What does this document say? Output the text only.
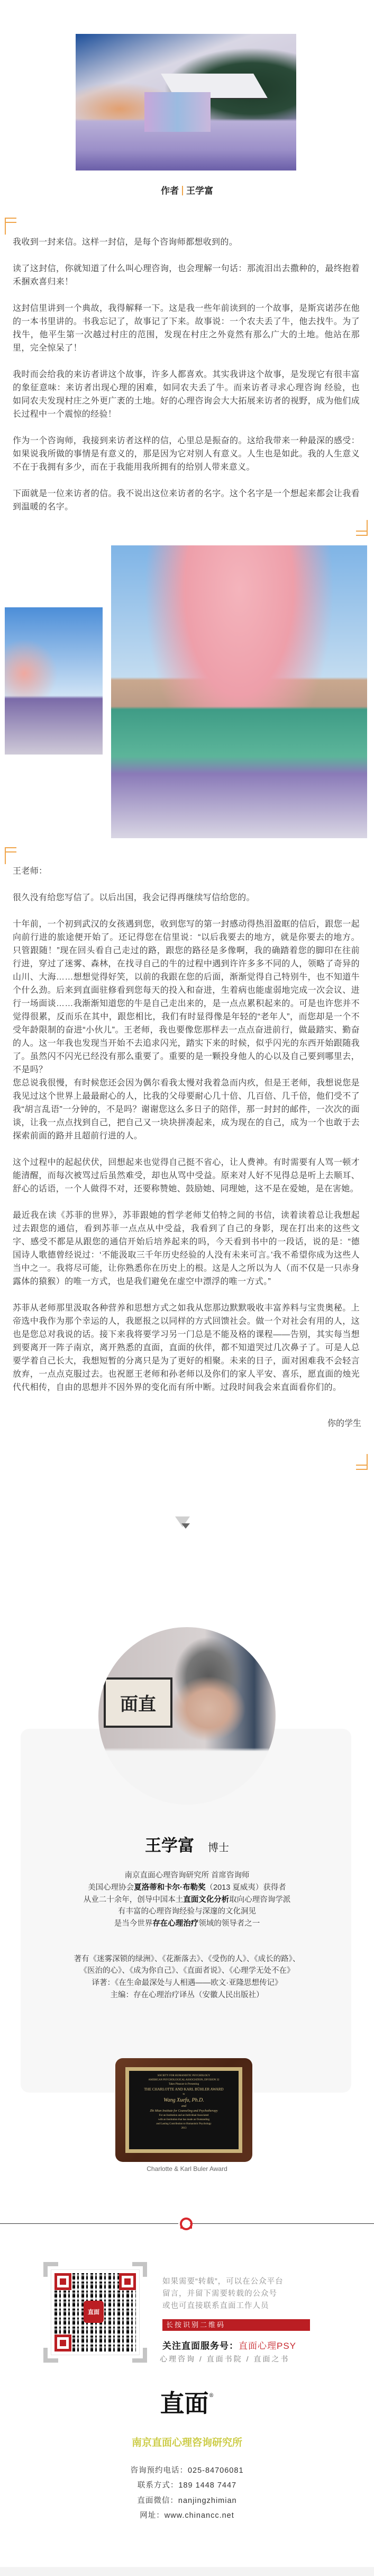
作者 王学富

我收到一封来信。这样一封信，是每个咨询师都想收到的。

读了这封信，你就知道了什么叫心理咨询，也会理解一句话：那流泪出去撒种的，最终抱着禾捆欢喜归来！

这封信里讲到一个典故，我得解释一下。这是我一些年前读到的一个故事，是斯宾诺莎在他的一本书里讲的。书我忘记了，故事记了下来。故事说：一个农夫丢了牛，他去找牛。为了找牛，他平生第一次越过村庄的范围，发现在村庄之外竟然有那么广大的土地。他站在那里，完全惊呆了！

我时而会给我的来访者讲这个故事，许多人都喜欢。其实我讲这个故事，是发现它有很丰富的象征意味：来访者出现心理的困难，如同农夫丢了牛。而来访者寻求心理咨询 经验，也如同农夫发现村庄之外更广袤的土地。好的心理咨询会大大拓展来访者的视野，成为他们成长过程中一个震惊的经验！

作为一个咨询师，我接到来访者这样的信，心里总是振奋的。这给我带来一种最深的感受：如果说我所做的事情是有意义的，那是因为它对别人有意义。人生也是如此。我的人生意义不在于我拥有多少，而在于我能用我所拥有的给别人带来意义。

下面就是一位来访者的信。我不说出这位来访者的名字。这个名字是一个想起来都会让我看到温暖的名字。

王老师：

很久没有给您写信了。以后出国，我会记得再继续写信给您的。

十年前，一个初到武汉的女孩遇到您，收到您写的第一封感动得热泪盈眶的信后，跟您一起向前行进的旅途便开始了。还记得您在信里说：“以后我要去的地方，就是你要去的地方。只管跟随！”现在回头看自己走过的路，跟您的路径是多像啊，我的确踏着您的脚印在往前行进，穿过了迷雾、森林，在找寻自己的牛的过程中遇到许许多多不同的人，领略了奇异的山川、大海……想想觉得好笑，以前的我跟在您的后面，渐渐觉得自己特别牛，也不知道牛个什么劲。后来到直面驻修看到您每天的投入和奋进，生着病也能虚弱地完成一次会议、进行一场面谈……我渐渐知道您的牛是自己走出来的，是一点点累积起来的。可是也许您并不觉得很累，反而乐在其中，跟您相比，我们有时显得像是年轻的“老年人”，而您却是一个不受年龄限制的奋进“小伙儿”。王老师，我也要像您那样去一点点奋进前行，做最踏实、勤奋的人。这一年我也发现当开始不去追求闪光，踏实下来的时候，似乎闪光的东西开始跟随我了。虽然闪不闪光已经没有那么重要了。重要的是一颗投身他人的心以及自己要到哪里去，不是吗？

您总说我很慢，有时候您还会因为偶尔看我太慢对我着急而内疚，但是王老师，我想说您是我见过这个世界上最最耐心的人，比我的父母要耐心几十倍、几百倍、几千倍，他们受不了我“胡言乱语”一分钟的，不是吗？谢谢您这么多日子的陪伴，那一封封的邮件，一次次的面谈，让我一点点找到自己，把自己又一块块拼凑起来，成为现在的自己，成为一个也敢于去探索前面的路并且超前行进的人。

这个过程中的起起伏伏，回想起来也觉得自己挺不省心，让人费神。有时需要有人骂一顿才能清醒，而每次被骂过后虽然难受，却也从骂中受益。原来对人好不见得总是听上去顺耳、舒心的话语，一个人做得不对，还要称赞她、鼓励她、同理她，这不是在爱她，是在害她。

最近我在读《苏菲的世界》，苏菲跟她的哲学老师艾伯特之间的书信，读着读着总让我想起过去跟您的通信，看到苏菲一点点从中受益，我看到了自己的身影，现在打出来的这些文字、感受不都是从跟您的通信开始后培养起来的吗，今天看到书中的一段话，说的是：“德国诗人歌德曾经说过：‘不能汲取三千年历史经验的人没有未来可言。’我不希望你成为这些人当中之一。我将尽可能，让你熟悉你在历史上的根。这是人之所以为人（而不仅是一只赤身露体的猿猴）的唯一方式，也是我们避免在虚空中漂浮的唯一方式。”

苏菲从老师那里汲取各种营养和思想方式之如我从您那边默默吸收丰富养料与宝贵奥秘。上帝选中我作为那个幸运的人，我愿报之以同样的方式回馈社会。做一个对社会有用的人，这也是您总对我说的话。接下来我将要学习另一门总是不能及格的课程——告别，其实每当想到要离开一阵子南京，离开熟悉的直面，直面的伙伴，都不知道哭过几次鼻子了。可是人总要学着自己长大，我想短暂的分离只是为了更好的相聚。未来的日子，面对困难我不会轻言放弃，一点点克服过去。也祝愿王老师和孙老师以及你们的家人平安、喜乐，愿直面的烛光代代相传，自由的思想并不因外界的变化而有所中断。过段时间我会来直面看你们的。

你的学生
面直
王学富 博士
南京直面心理咨询研究所 首席咨询师
美国心理协会夏洛蒂和卡尔·布勒奖（2013 夏威夷）获得者
从业二十余年，创导中国本土直面文化分析取向心理咨询学派
有丰富的心理咨询经验与深邃的文化洞见
是当今世界存在心理治疗领域的领导者之一
著有《迷雾深锁的绿洲》、《花渐落去》、《受伤的人》、《成长的路》、
《医治的心》、《成为你自己》、《直面者说》、《心理学无处不在》
译著：《在生命最深处与人相遇——欧文·亚隆思想传记》
主编：存在心理治疗译丛（安徽人民出版社）
SOCIETY FOR HUMANISTIC PSYCHOLOGY
AMERICAN PSYCHOLOGICAL ASSOCIATION, DIVISION 32
Takes Pleasure in Presenting
THE CHARLOTTE AND KARL BÜHLER AWARD
to
Wang Xuefu, Ph.D.
and
Zhi Mian Institute for Counseling and Psychotherapy
For an Institution and an Individual Associated
with an Institution that has made an Outstanding
and Lasting Contribution to Humanistic Psychology
2013
Charlotte & Karl Buler Award
直面
如果需要“转载”，可以在公众平台
留言，并留下需要转载的公众号
或也可直接联系直面工作人员
长按识别二维码
关注直面服务号：直面心理PSY
心理咨询 / 直面书院 / 直面之书
直面®
南京直面心理咨询研究所
咨询预约电话：025-84706081
联系方式：189 1448 7447
直面微信：nanjingzhimian
网址：www.chinancc.net
